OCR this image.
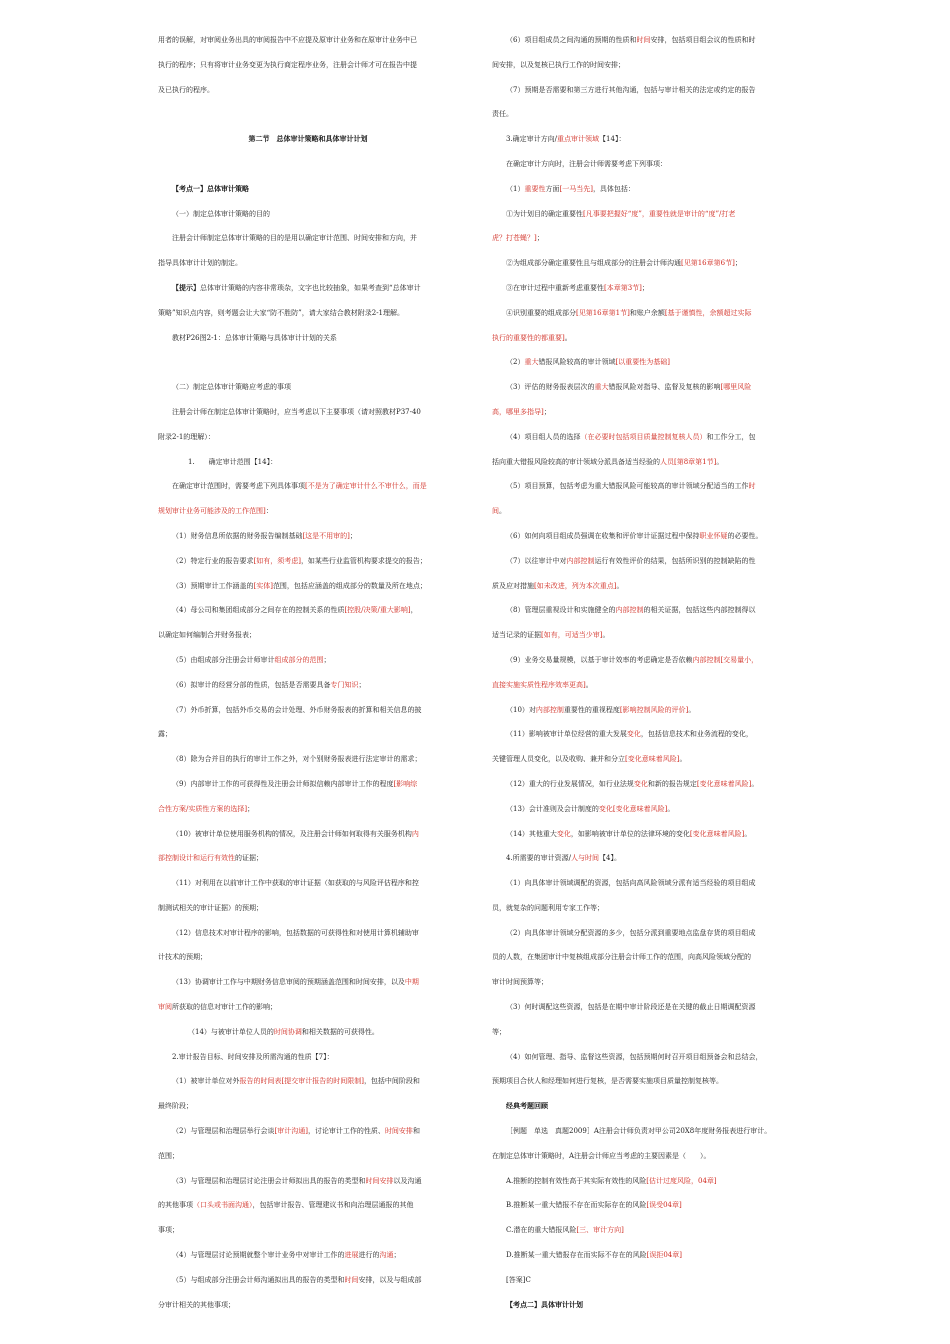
用者的误解，对审阅业务出具的审阅报告中不应提及原审计业务和在原审计业务中已
执行的程序；只有将审计业务变更为执行商定程序业务，注册会计师才可在报告中提
及已执行的程序。
第二节　总体审计策略和具体审计计划
【考点一】总体审计策略
（一）制定总体审计策略的目的
注册会计师制定总体审计策略的目的是用以确定审计范围、时间安排和方向，并
指导具体审计计划的制定。
【提示】总体审计策略的内容非常琐杂，文字也比较抽象，如果考查到“总体审计
策略”知识点内容，则考题会让大家“防不胜防”，请大家结合教材附录2-1理解。
教材P26图2-1：总体审计策略与具体审计计划的关系
（二）制定总体审计策略应考虑的事项
注册会计师在制定总体审计策略时，应当考虑以下主要事项（请对照教材P37-40
附录2-1的理解）：
1.　　确定审计范围【14】：
在确定审计范围时，需要考虑下列具体事项[不是为了确定审计什么不审什么，而是
规划审计业务可能涉及的工作范围]：
（1）财务信息所依据的财务报告编制基础[这是不用审的]；
（2）特定行业的报告要求[如有，须考虑]，如某些行业监管机构要求提交的报告；
（3）预期审计工作涵盖的[实体]范围，包括应涵盖的组成部分的数量及所在地点；
（4）母公司和集团组成部分之间存在的控制关系的性质[控股/决策/重大影响]，
以确定如何编制合并财务报表；
（5）由组成部分注册会计师审计组成部分的范围；
（6）拟审计的经营分部的性质，包括是否需要具备专门知识；
（7）外币折算，包括外币交易的会计处理、外币财务报表的折算和相关信息的披
露；
（8）除为合并目的执行的审计工作之外，对个别财务报表进行法定审计的需求；
（9）内部审计工作的可获得性及注册会计师拟信赖内部审计工作的程度[影响综
合性方案/实质性方案的选择]；
（10）被审计单位使用服务机构的情况，及注册会计师如何取得有关服务机构内
部控制设计和运行有效性的证据；
（11）对利用在以前审计工作中获取的审计证据（如获取的与风险评估程序和控
制测试相关的审计证据）的预期；
（12）信息技术对审计程序的影响，包括数据的可获得性和对使用计算机辅助审
计技术的预期；
（13）协调审计工作与中期财务信息审阅的预期涵盖范围和时间安排，以及中期
审阅所获取的信息对审计工作的影响；
（14）与被审计单位人员的时间协调和相关数据的可获得性。
2.审计报告目标、时间安排及所需沟通的性质【7】：
（1）被审计单位对外报告的时间表[提交审计报告的时间限制]，包括中间阶段和
最终阶段；
（2）与管理层和治理层举行会谈[审计沟通]，讨论审计工作的性质、时间安排和
范围；
（3）与管理层和治理层讨论注册会计师拟出具的报告的类型和时间安排以及沟通
的其他事项（口头或书面沟通），包括审计报告、管理建议书和向治理层通报的其他
事项；
（4）与管理层讨论预期就整个审计业务中对审计工作的进展进行的沟通；
（5）与组成部分注册会计师沟通拟出具的报告的类型和时间安排，以及与组成部
分审计相关的其他事项；
（6）项目组成员之间沟通的预期的性质和时间安排，包括项目组会议的性质和时
间安排，以及复核已执行工作的时间安排；
（7）预期是否需要和第三方进行其他沟通，包括与审计相关的法定或约定的报告
责任。
3.确定审计方向/重点审计领域【14】：
在确定审计方向时，注册会计师需要考虑下列事项：
（1）重要性方面[一马当先]，具体包括：
①为计划目的确定重要性[凡事要把握好“度”，重要性就是审计的“度”/打老
虎？打苍蝇？]；
②为组成部分确定重要性且与组成部分的注册会计师沟通[见第16章第6节]；
③在审计过程中重新考虑重要性[本章第3节]；
④识别重要的组成部分[见第16章第1节]和账户余额[基于谨慎性，余额超过实际
执行的重要性的都重要]。
（2）重大错报风险较高的审计领域[以重要性为基础]
（3）评估的财务报表层次的重大错报风险对指导、监督及复核的影响[哪里风险
高，哪里多指导]；
（4）项目组人员的选择（在必要时包括项目质量控制复核人员）和工作分工，包
括向重大错报风险较高的审计领域分派具备适当经验的人员[第8章第1节]。
（5）项目预算，包括考虑为重大错报风险可能较高的审计领域分配适当的工作时
间。
（6）如何向项目组成员强调在收集和评价审计证据过程中保持职业怀疑的必要性。
（7）以往审计中对内部控制运行有效性评价的结果，包括所识别的控制缺陷的性
质及应对措施[如未改进，列为本次重点]。
（8）管理层重视设计和实施健全的内部控制的相关证据，包括这些内部控制得以
适当记录的证据[如有，可适当少审]。
（9）业务交易量规模，以基于审计效率的考虑确定是否依赖内部控制[交易量小，
直接实施实质性程序效率更高]。
（10）对内部控制重要性的重视程度[影响控制风险的评价]。
（11）影响被审计单位经营的重大发展变化，包括信息技术和业务流程的变化，
关键管理人员变化，以及收购、兼并和分立[变化意味着风险]。
（12）重大的行业发展情况，如行业法规变化和新的报告规定[变化意味着风险]。
（13）会计准则及会计制度的变化[变化意味着风险]。
（14）其他重大变化，如影响被审计单位的法律环境的变化[变化意味着风险]。
4.所需要的审计资源/人与时间【4】。
（1）向具体审计领域调配的资源，包括向高风险领域分派有适当经验的项目组成
员，就复杂的问题利用专家工作等；
（2）向具体审计领域分配资源的多少，包括分派到重要地点监盘存货的项目组成
员的人数，在集团审计中复核组成部分注册会计师工作的范围，向高风险领域分配的
审计时间预算等；
（3）何时调配这些资源，包括是在期中审计阶段还是在关键的截止日期调配资源
等；
（4）如何管理、指导、监督这些资源，包括预期何时召开项目组预备会和总结会，
预期项目合伙人和经理如何进行复核，是否需要实施项目质量控制复核等。
经典考题回顾
［例题　单选　真题2009］A注册会计师负责对甲公司20X8年度财务报表进行审计。
在制定总体审计策略时，A注册会计师应当考虑的主要因素是（　　）。
A.推断的控制有效性高于其实际有效性的风险[估计过度风险，04章]
B.推断某一重大错报不存在而实际存在的风险[误受04章]
C.潜在的重大错报风险[三、审计方向]
D.推断某一重大错报存在而实际不存在的风险[误拒04章]
[答案]C
【考点二】具体审计计划
